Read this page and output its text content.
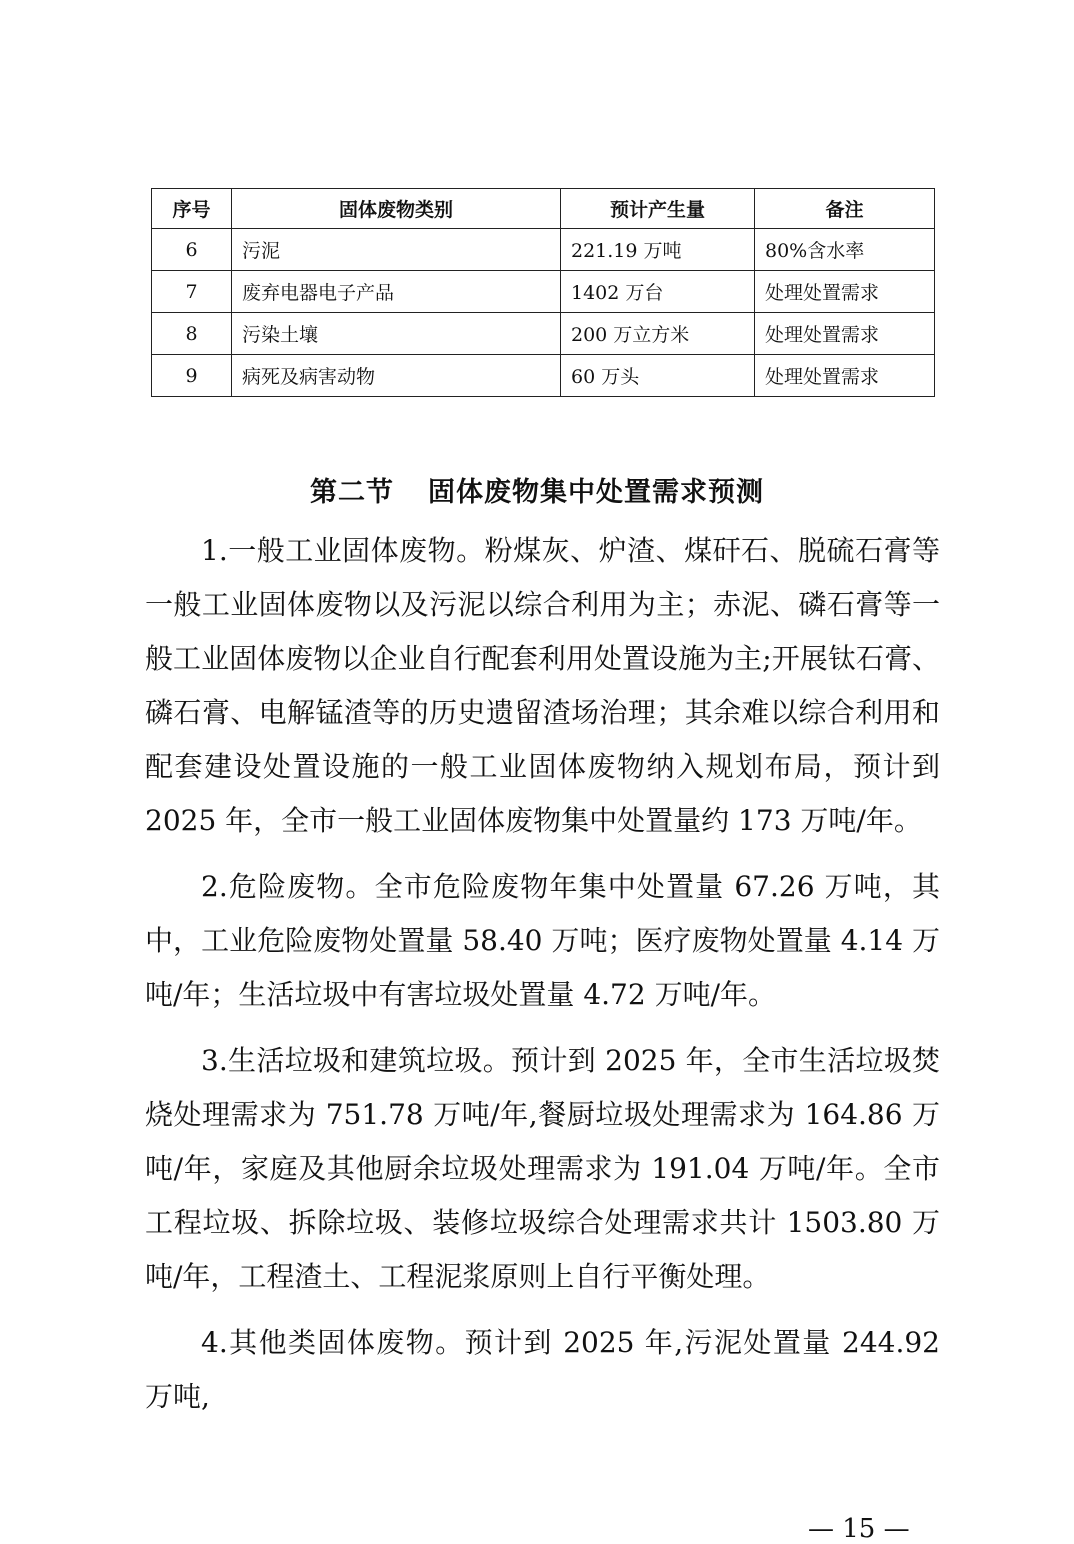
序号	固体废物类别	预计产生量	备注
6	污泥	221.19 万吨	80%含水率
7	废弃电器电子产品	1402 万台	处理处置需求
8	污染土壤	200 万立方米	处理处置需求
9	病死及病害动物	60 万头	处理处置需求
第二节 固体废物集中处置需求预测

1.一般工业固体废物。粉煤灰、炉渣、煤矸石、脱硫石膏等一般工业固体废物以及污泥以综合利用为主；赤泥、磷石膏等一般工业固体废物以企业自行配套利用处置设施为主;开展钛石膏、磷石膏、电解锰渣等的历史遗留渣场治理；其余难以综合利用和配套建设处置设施的一般工业固体废物纳入规划布局，预计到2025 年，全市一般工业固体废物集中处置量约 173 万吨/年。

2.危险废物。全市危险废物年集中处置量 67.26 万吨，其中，工业危险废物处置量 58.40 万吨；医疗废物处置量 4.14 万吨/年；生活垃圾中有害垃圾处置量 4.72 万吨/年。

3.生活垃圾和建筑垃圾。预计到 2025 年，全市生活垃圾焚烧处理需求为 751.78 万吨/年,餐厨垃圾处理需求为 164.86 万吨/年，家庭及其他厨余垃圾处理需求为 191.04 万吨/年。全市工程垃圾、拆除垃圾、装修垃圾综合处理需求共计 1503.80 万吨/年，工程渣土、工程泥浆原则上自行平衡处理。

4.其他类固体废物。预计到 2025 年,污泥处置量 244.92 万吨,

— 15 —
